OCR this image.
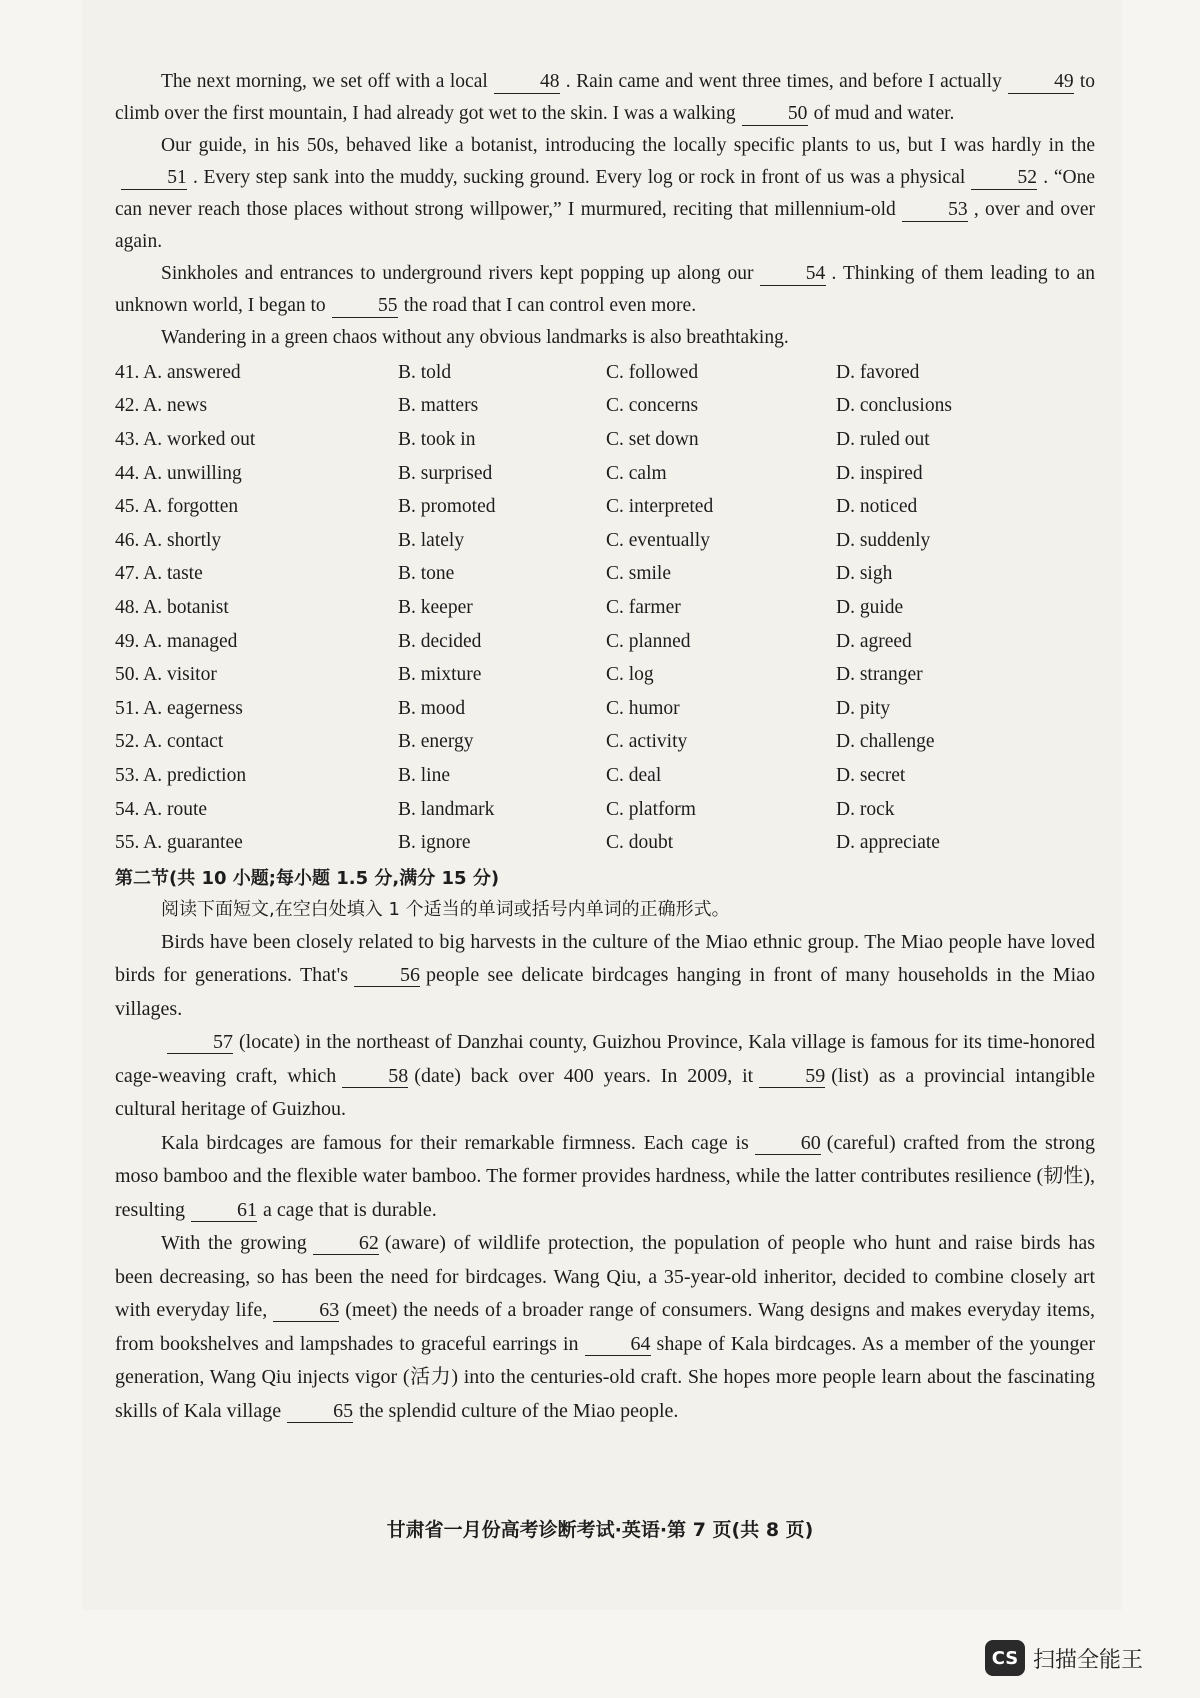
The next morning, we set off with a local	48 . Rain came and went three times, and before I actually	49 to climb over the first mountain, I had already got wet to the skin. I was a walking	50 of mud and water.

Our guide, in his 50s, behaved like a botanist, introducing the locally specific plants to us, but I was hardly in the51 . Every step sank into the muddy, sucking ground. Every log or rock in front of us was a physical	52 . “One can never reach those places without strong willpower,” I murmured, reciting that millennium-old	53 , over and over again.

Sinkholes and entrances to underground rivers kept popping up along our	54 . Thinking of them leading to an unknown world, I began to	55 the road that I can control even more.

Wandering in a green chaos without any obvious landmarks is also breathtaking.

41. A. answered	B. told	C. followed	D. favored
42. A. news	B. matters	C. concerns	D. conclusions
43. A. worked out	B. took in	C. set down	D. ruled out
44. A. unwilling	B. surprised	C. calm	D. inspired
45. A. forgotten	B. promoted	C. interpreted	D. noticed
46. A. shortly	B. lately	C. eventually	D. suddenly
47. A. taste	B. tone	C. smile	D. sigh
48. A. botanist	B. keeper	C. farmer	D. guide
49. A. managed	B. decided	C. planned	D. agreed
50. A. visitor	B. mixture	C. log	D. stranger
51. A. eagerness	B. mood	C. humor	D. pity
52. A. contact	B. energy	C. activity	D. challenge
53. A. prediction	B. line	C. deal	D. secret
54. A. route	B. landmark	C. platform	D. rock
55. A. guarantee	B. ignore	C. doubt	D. appreciate
第二节(共 10 小题;每小题 1.5 分,满分 15 分)
阅读下面短文,在空白处填入 1 个适当的单词或括号内单词的正确形式。

Birds have been closely related to big harvests in the culture of the Miao ethnic group. The Miao people have loved birds for generations. That's	56 people see delicate birdcages hanging in front of many households in the Miao villages.

57 (locate) in the northeast of Danzhai county, Guizhou Province, Kala village is famous for its time-honored cage-weaving craft, which	58 (date) back over 400 years. In 2009, it	59 (list) as a provincial intangible cultural heritage of Guizhou.

Kala birdcages are famous for their remarkable firmness. Each cage is	60 (careful) crafted from the strong moso bamboo and the flexible water bamboo. The former provides hardness, while the latter contributes resilience (韧性), resulting	61 a cage that is durable.

With the growing	62 (aware) of wildlife protection, the population of people who hunt and raise birds has been decreasing, so has been the need for birdcages. Wang Qiu, a 35-year-old inheritor, decided to combine closely art with everyday life,	63 (meet) the needs of a broader range of consumers. Wang designs and makes everyday items, from bookshelves and lampshades to graceful earrings in	64 shape of Kala birdcages. As a member of the younger generation, Wang Qiu injects vigor (活力) into the centuries-old craft. She hopes more people learn about the fascinating skills of Kala village	65 the splendid culture of the Miao people.

甘肃省一月份高考诊断考试·英语·第 7 页(共 8 页)
CS 扫描全能王
